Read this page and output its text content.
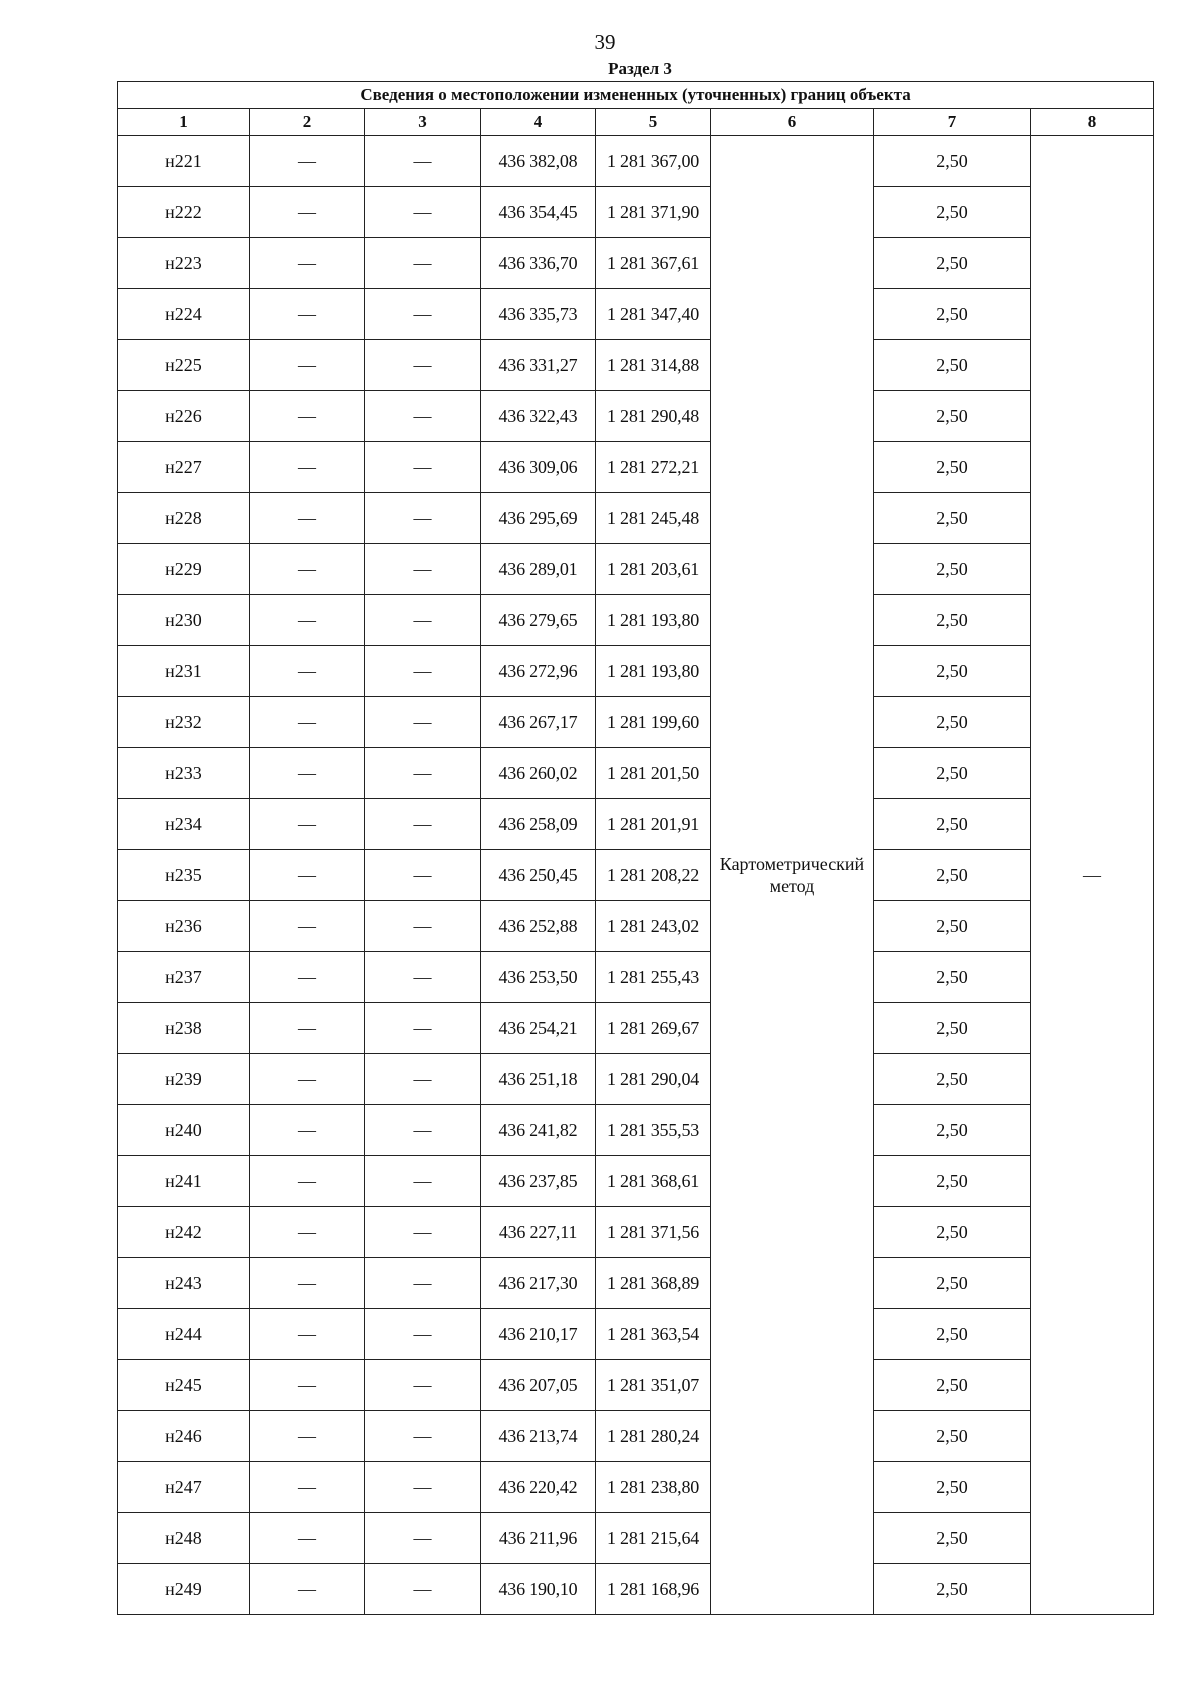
39
Раздел 3
Сведения о местоположении измененных (уточненных) границ объекта							
1	2	3	4	5	6	7	8
н221	—	—	436 382,08	1 281 367,00	Картометрический метод	2,50	—
н222	—	—	436 354,45	1 281 371,90		2,50	
н223	—	—	436 336,70	1 281 367,61		2,50	
н224	—	—	436 335,73	1 281 347,40		2,50	
н225	—	—	436 331,27	1 281 314,88		2,50	
н226	—	—	436 322,43	1 281 290,48		2,50	
н227	—	—	436 309,06	1 281 272,21		2,50	
н228	—	—	436 295,69	1 281 245,48		2,50	
н229	—	—	436 289,01	1 281 203,61		2,50	
н230	—	—	436 279,65	1 281 193,80		2,50	
н231	—	—	436 272,96	1 281 193,80		2,50	
н232	—	—	436 267,17	1 281 199,60		2,50	
н233	—	—	436 260,02	1 281 201,50		2,50	
н234	—	—	436 258,09	1 281 201,91		2,50	
н235	—	—	436 250,45	1 281 208,22		2,50	
н236	—	—	436 252,88	1 281 243,02		2,50	
н237	—	—	436 253,50	1 281 255,43		2,50	
н238	—	—	436 254,21	1 281 269,67		2,50	
н239	—	—	436 251,18	1 281 290,04		2,50	
н240	—	—	436 241,82	1 281 355,53		2,50	
н241	—	—	436 237,85	1 281 368,61		2,50	
н242	—	—	436 227,11	1 281 371,56		2,50	
н243	—	—	436 217,30	1 281 368,89		2,50	
н244	—	—	436 210,17	1 281 363,54		2,50	
н245	—	—	436 207,05	1 281 351,07		2,50	
н246	—	—	436 213,74	1 281 280,24		2,50	
н247	—	—	436 220,42	1 281 238,80		2,50	
н248	—	—	436 211,96	1 281 215,64		2,50	
н249	—	—	436 190,10	1 281 168,96		2,50	
